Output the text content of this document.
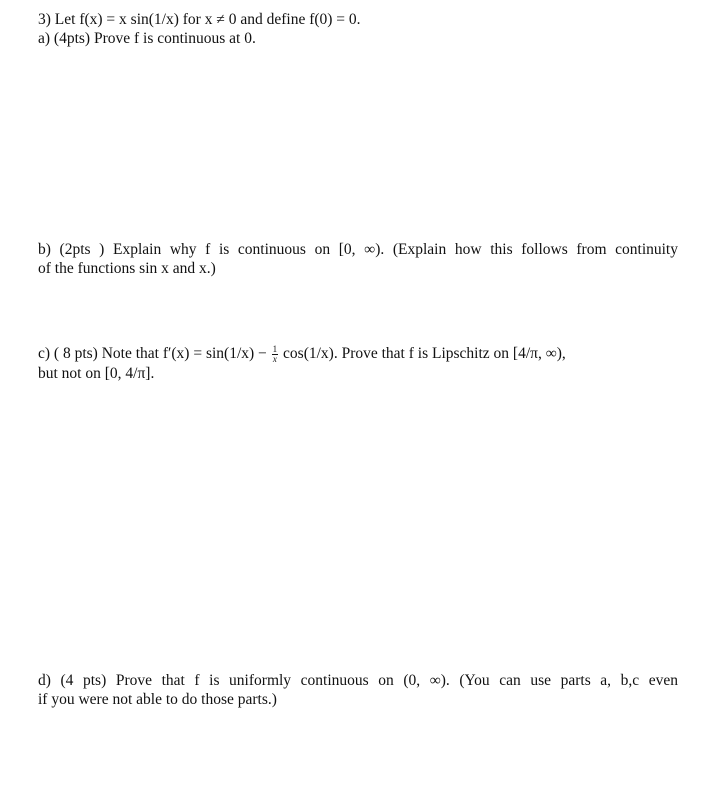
3) Let f(x) = x sin(1/x) for x ≠ 0 and define f(0) = 0.
a) (4pts) Prove f is continuous at 0.
b) (2pts ) Explain why f is continuous on [0, ∞). (Explain how this follows from continuity
of the functions sin x and x.)
c) ( 8 pts) Note that $f'(x) = \sin(1/x) - \frac{1}{x} \cos(1/x)$. Prove that f is Lipschitz on [4/π, ∞),
but not on [0, 4/π].
d) (4 pts) Prove that f is uniformly continuous on (0, ∞). (You can use parts a, b,c even
if you were not able to do those parts.)
